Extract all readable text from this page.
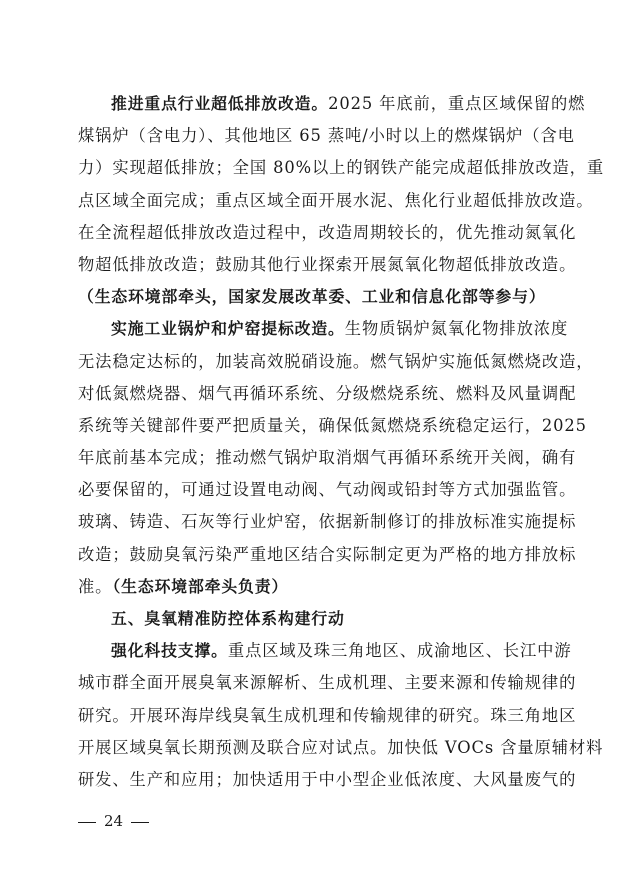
推进重点行业超低排放改造。2025 年底前，重点区域保留的燃
煤锅炉（含电力）、其他地区 65 蒸吨/小时以上的燃煤锅炉（含电
力）实现超低排放；全国 80%以上的钢铁产能完成超低排放改造，重
点区域全面完成；重点区域全面开展水泥、焦化行业超低排放改造。
在全流程超低排放改造过程中，改造周期较长的，优先推动氮氧化
物超低排放改造；鼓励其他行业探索开展氮氧化物超低排放改造。
（生态环境部牵头，国家发展改革委、工业和信息化部等参与）
实施工业锅炉和炉窑提标改造。生物质锅炉氮氧化物排放浓度
无法稳定达标的，加装高效脱硝设施。燃气锅炉实施低氮燃烧改造，
对低氮燃烧器、烟气再循环系统、分级燃烧系统、燃料及风量调配
系统等关键部件要严把质量关，确保低氮燃烧系统稳定运行，2025
年底前基本完成；推动燃气锅炉取消烟气再循环系统开关阀，确有
必要保留的，可通过设置电动阀、气动阀或铅封等方式加强监管。
玻璃、铸造、石灰等行业炉窑，依据新制修订的排放标准实施提标
改造；鼓励臭氧污染严重地区结合实际制定更为严格的地方排放标
准。（生态环境部牵头负责）
五、臭氧精准防控体系构建行动
强化科技支撑。重点区域及珠三角地区、成渝地区、长江中游
城市群全面开展臭氧来源解析、生成机理、主要来源和传输规律的
研究。开展环海岸线臭氧生成机理和传输规律的研究。珠三角地区
开展区域臭氧长期预测及联合应对试点。加快低 VOCs 含量原辅材料
研发、生产和应用；加快适用于中小型企业低浓度、大风量废气的
24
